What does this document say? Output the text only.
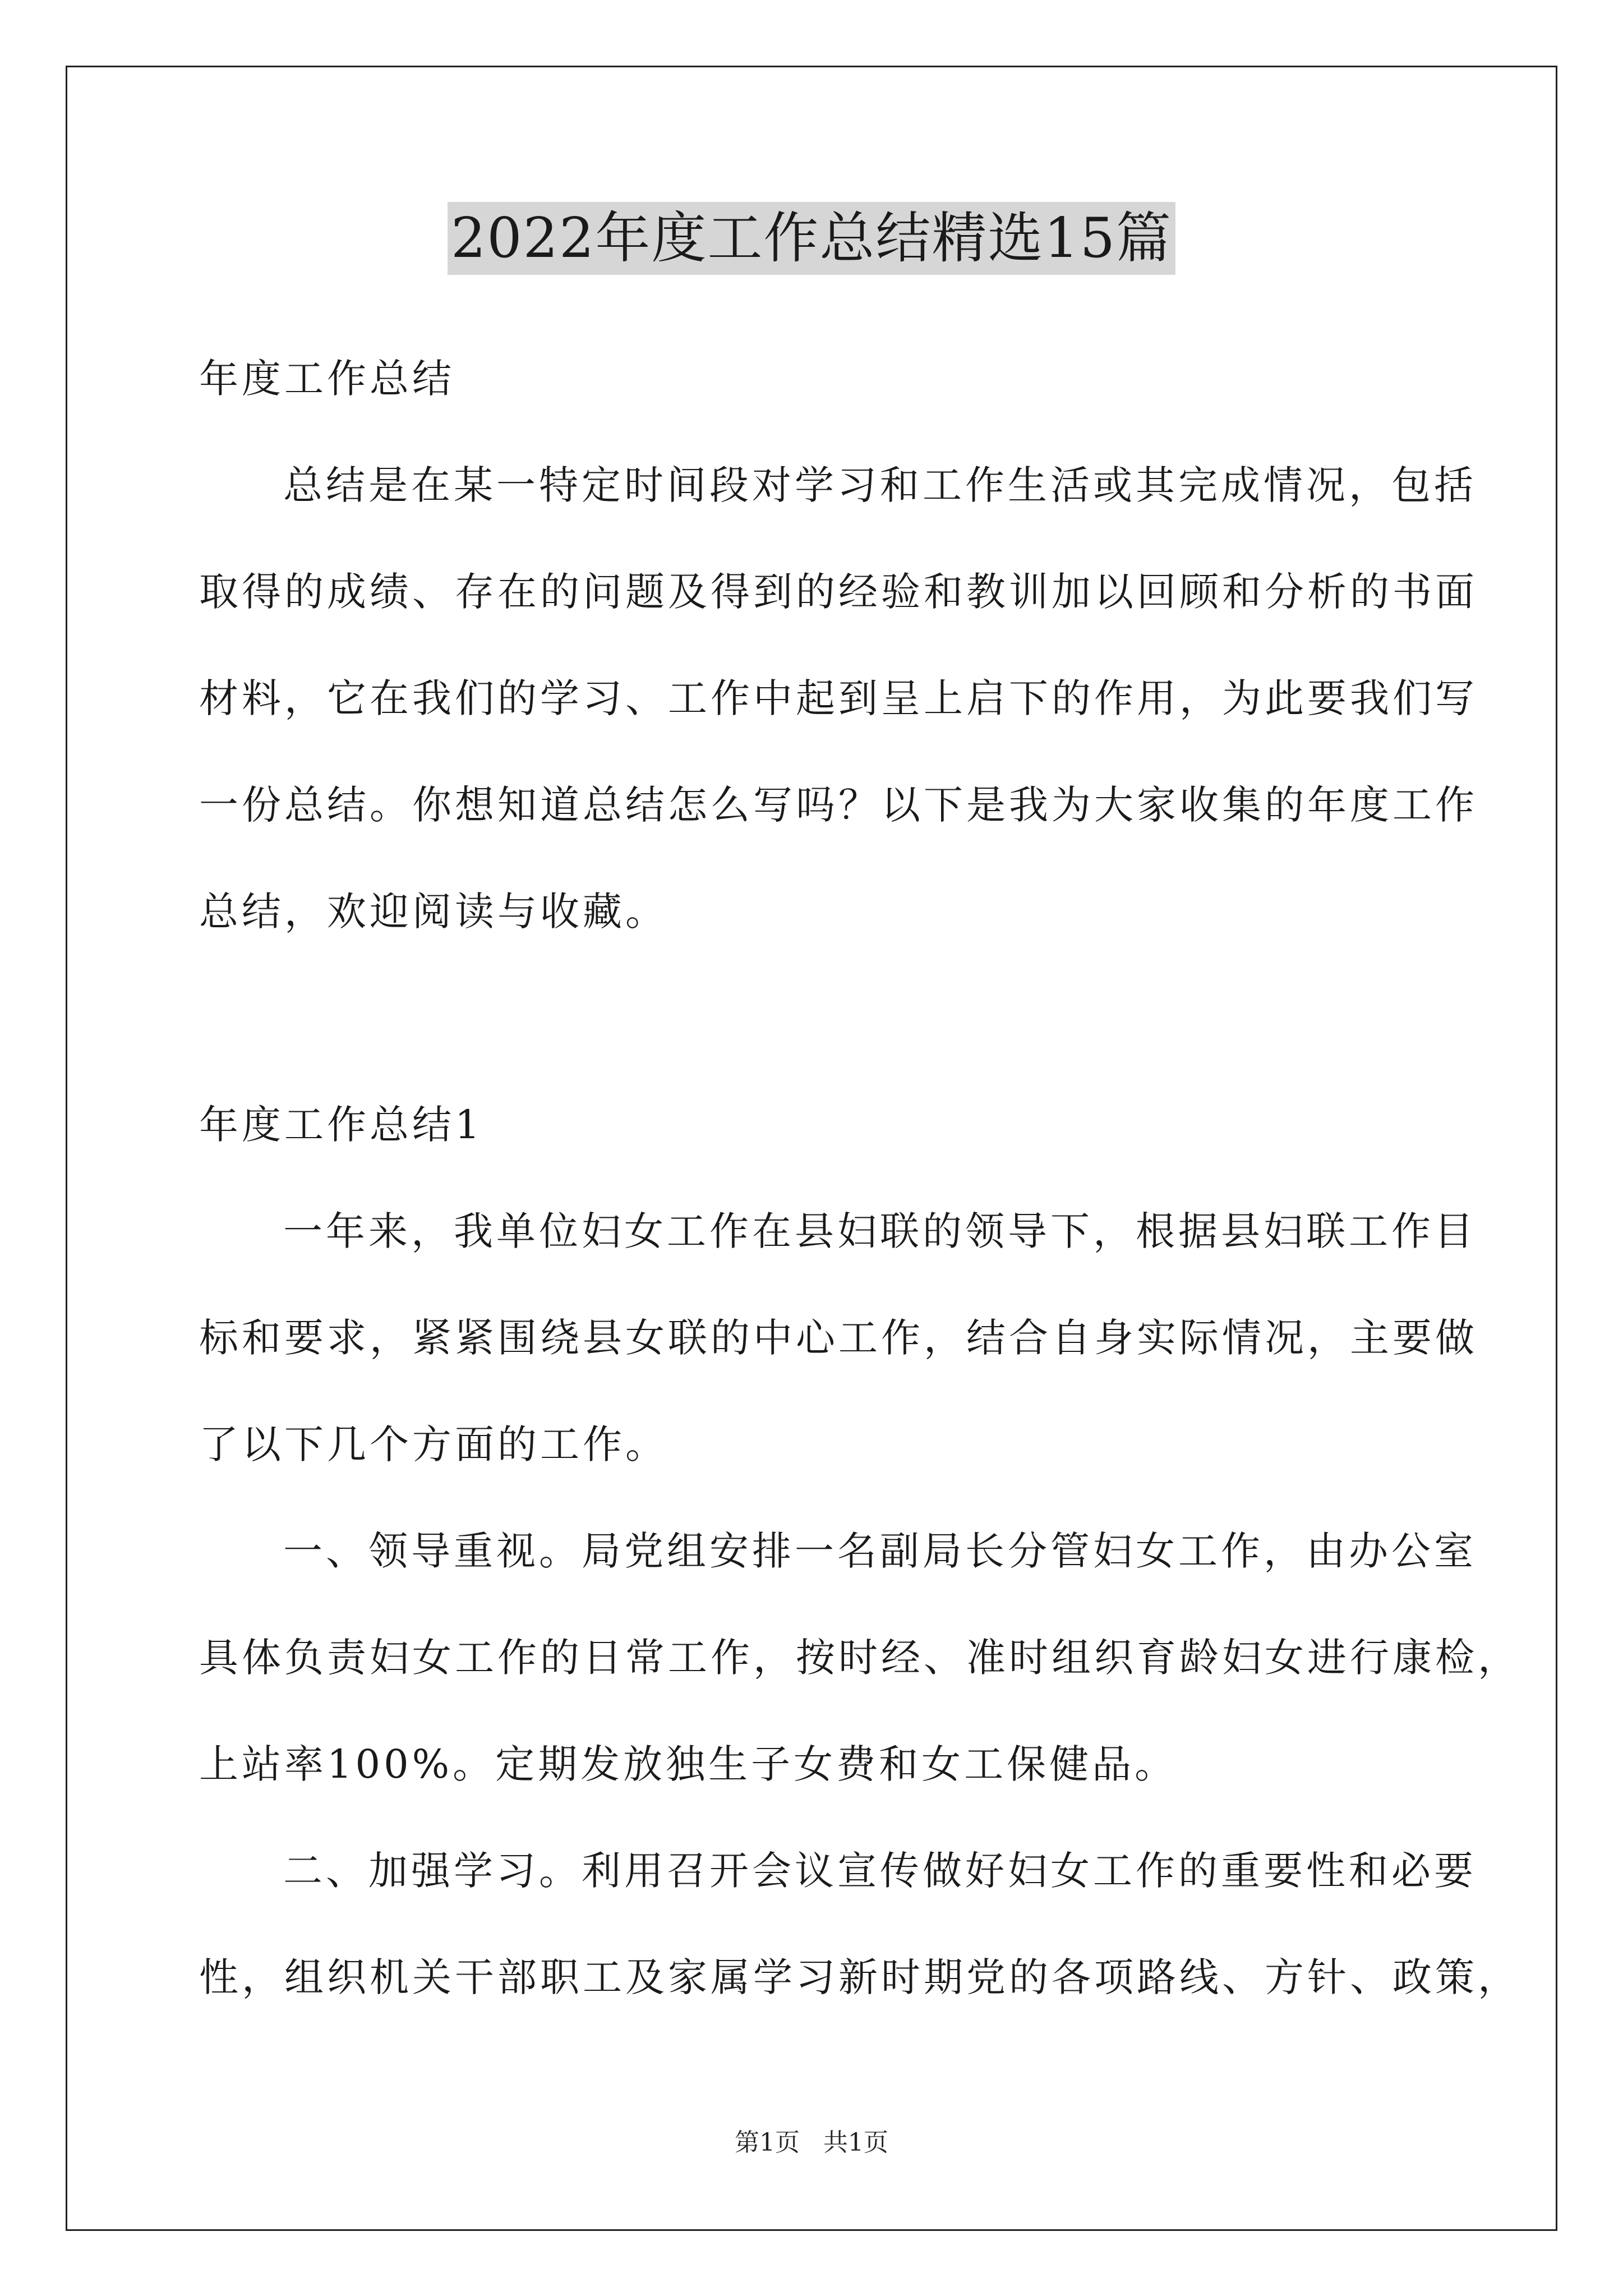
2022年度工作总结精选15篇
年度工作总结
总结是在某一特定时间段对学习和工作生活或其完成情况，包括
取得的成绩、存在的问题及得到的经验和教训加以回顾和分析的书面
材料，它在我们的学习、工作中起到呈上启下的作用，为此要我们写
一份总结。你想知道总结怎么写吗？以下是我为大家收集的年度工作
总结，欢迎阅读与收藏。
年度工作总结1
一年来，我单位妇女工作在县妇联的领导下，根据县妇联工作目
标和要求，紧紧围绕县女联的中心工作，结合自身实际情况，主要做
了以下几个方面的工作。
一、领导重视。局党组安排一名副局长分管妇女工作，由办公室
具体负责妇女工作的日常工作，按时经、准时组织育龄妇女进行康检，
上站率100%。定期发放独生子女费和女工保健品。
二、加强学习。利用召开会议宣传做好妇女工作的重要性和必要
性，组织机关干部职工及家属学习新时期党的各项路线、方针、政策，
第1页   共1页
